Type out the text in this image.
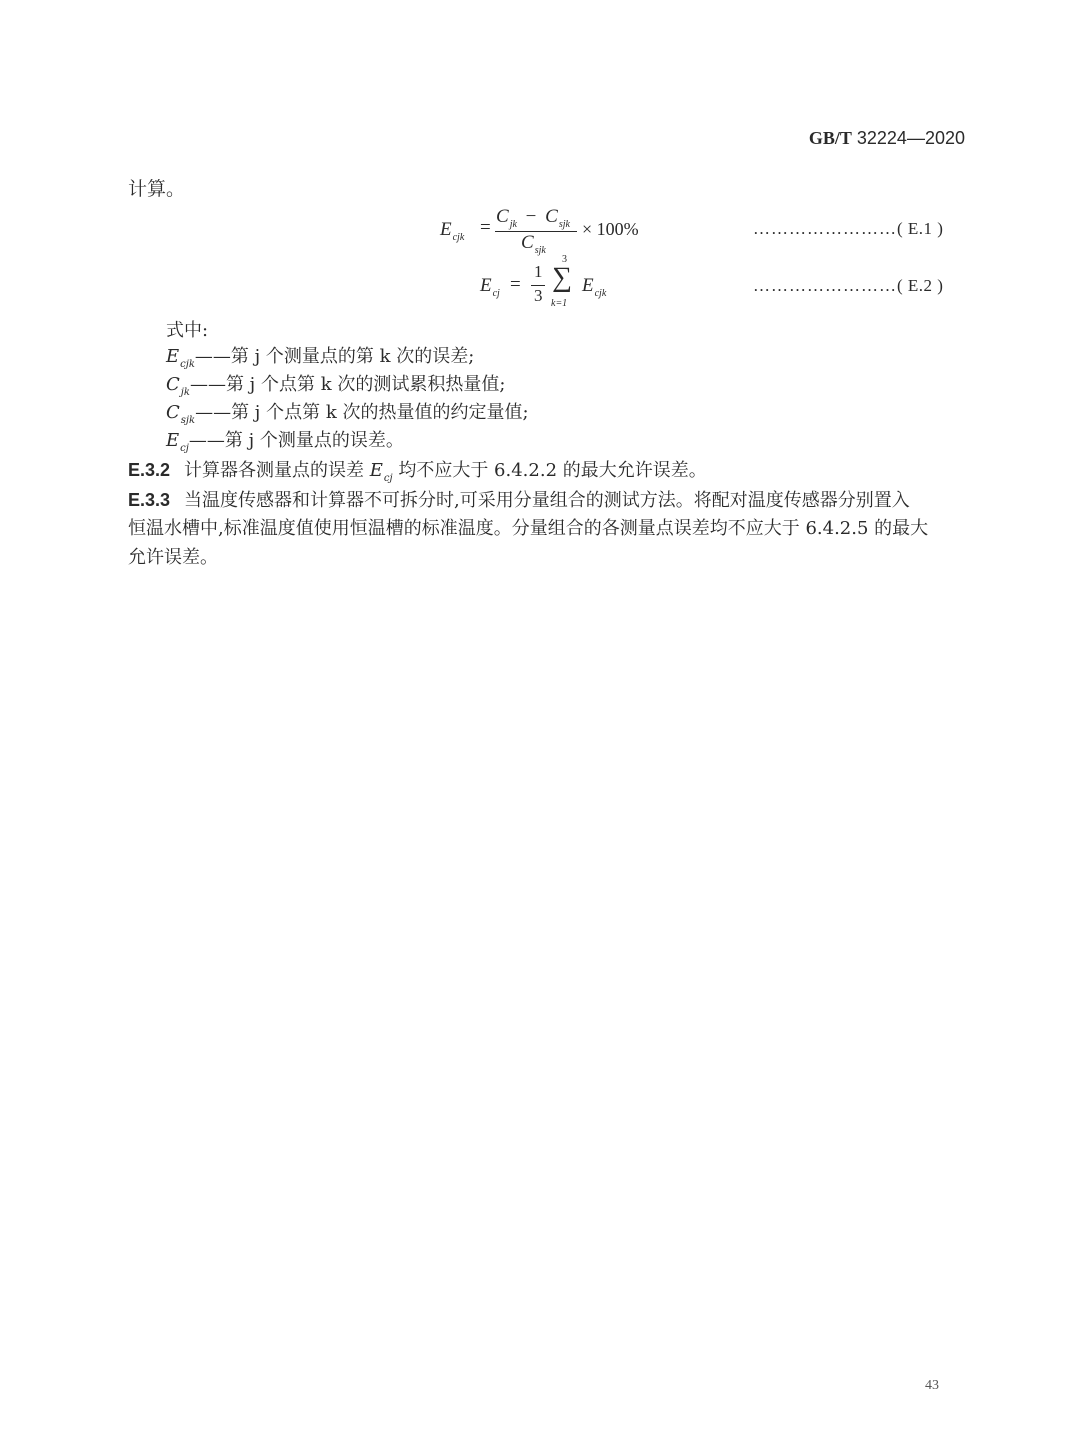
GB/T 32224—2020
计算。
$E_{cjk}$ =
$C_{jk} - C_{sjk}$
$C_{sjk}$
× 100%	……………………( E.1 )
$E_{cj}$ =
1
3
3
∑
k=1
$E_{cjk}$	……………………( E.2 )
式中:
$E_{cjk}——$第 j 个测量点的第 k 次的误差;
$C_{jk}——$第 j 个点第 k 次的测试累积热量值;
$C_{sjk}——$第 j 个点第 k 次的热量值的约定量值;
$E_{cj}——$第 j 个测量点的误差。
E.3.2 计算器各测量点的误差 $E_{cj}$ 均不应大于 6.4.2.2 的最大允许误差。
E.3.3 当温度传感器和计算器不可拆分时,可采用分量组合的测试方法。将配对温度传感器分别置入
恒温水槽中,标准温度值使用恒温槽的标准温度。分量组合的各测量点误差均不应大于 6.4.2.5 的最大
允许误差。
43
